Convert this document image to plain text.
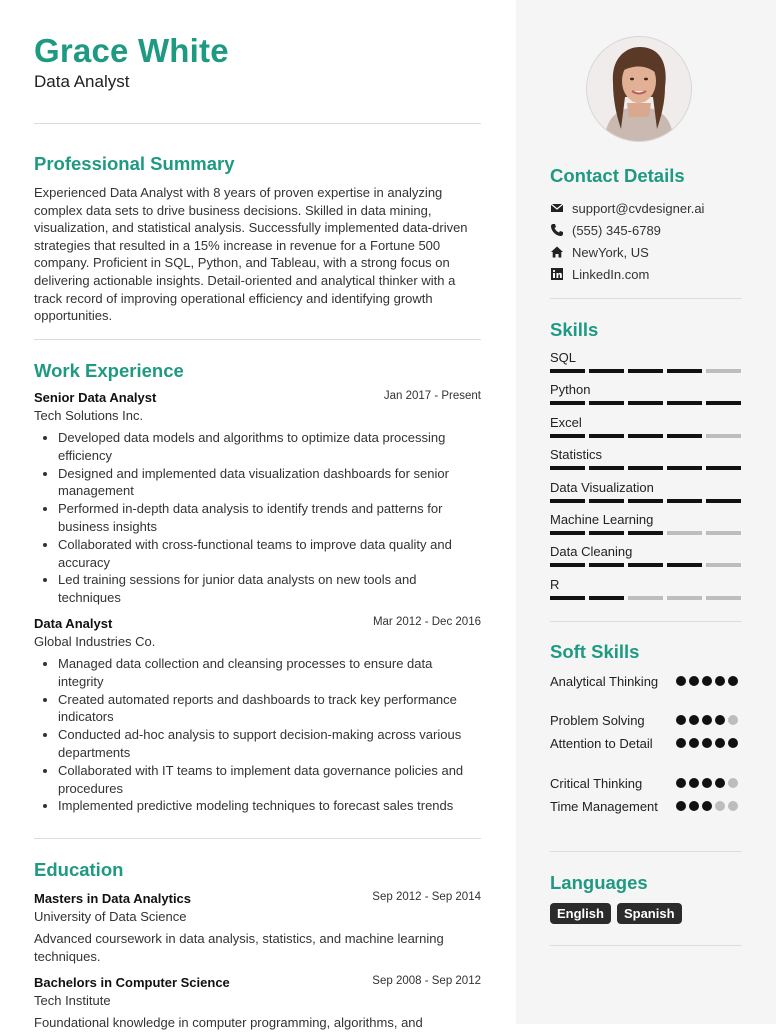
Grace White
Data Analyst
Professional Summary
Experienced Data Analyst with 8 years of proven expertise in analyzing complex data sets to drive business decisions. Skilled in data mining, visualization, and statistical analysis. Successfully implemented data-driven strategies that resulted in a 15% increase in revenue for a Fortune 500 company. Proficient in SQL, Python, and Tableau, with a strong focus on delivering actionable insights. Detail-oriented and analytical thinker with a track record of improving operational efficiency and identifying growth opportunities.
Work Experience
Senior Data Analyst	Jan 2017 - Present
Tech Solutions Inc.
• Developed data models and algorithms to optimize data processing efficiency
• Designed and implemented data visualization dashboards for senior management
• Performed in-depth data analysis to identify trends and patterns for business insights
• Collaborated with cross-functional teams to improve data quality and accuracy
• Led training sessions for junior data analysts on new tools and techniques
Data Analyst	Mar 2012 - Dec 2016
Global Industries Co.
• Managed data collection and cleansing processes to ensure data integrity
• Created automated reports and dashboards to track key performance indicators
• Conducted ad-hoc analysis to support decision-making across various departments
• Collaborated with IT teams to implement data governance policies and procedures
• Implemented predictive modeling techniques to forecast sales trends
Education
Masters in Data Analytics	Sep 2012 - Sep 2014
University of Data Science
Advanced coursework in data analysis, statistics, and machine learning techniques.
Bachelors in Computer Science	Sep 2008 - Sep 2012
Tech Institute
Foundational knowledge in computer programming, algorithms, and
Contact Details
support@cvdesigner.ai
(555) 345-6789
NewYork, US
LinkedIn.com
Skills
SQL
Python
Excel
Statistics
Data Visualization
Machine Learning
Data Cleaning
R
Soft Skills
Analytical Thinking
Problem Solving
Attention to Detail
Critical Thinking
Time Management
Languages
English	Spanish
